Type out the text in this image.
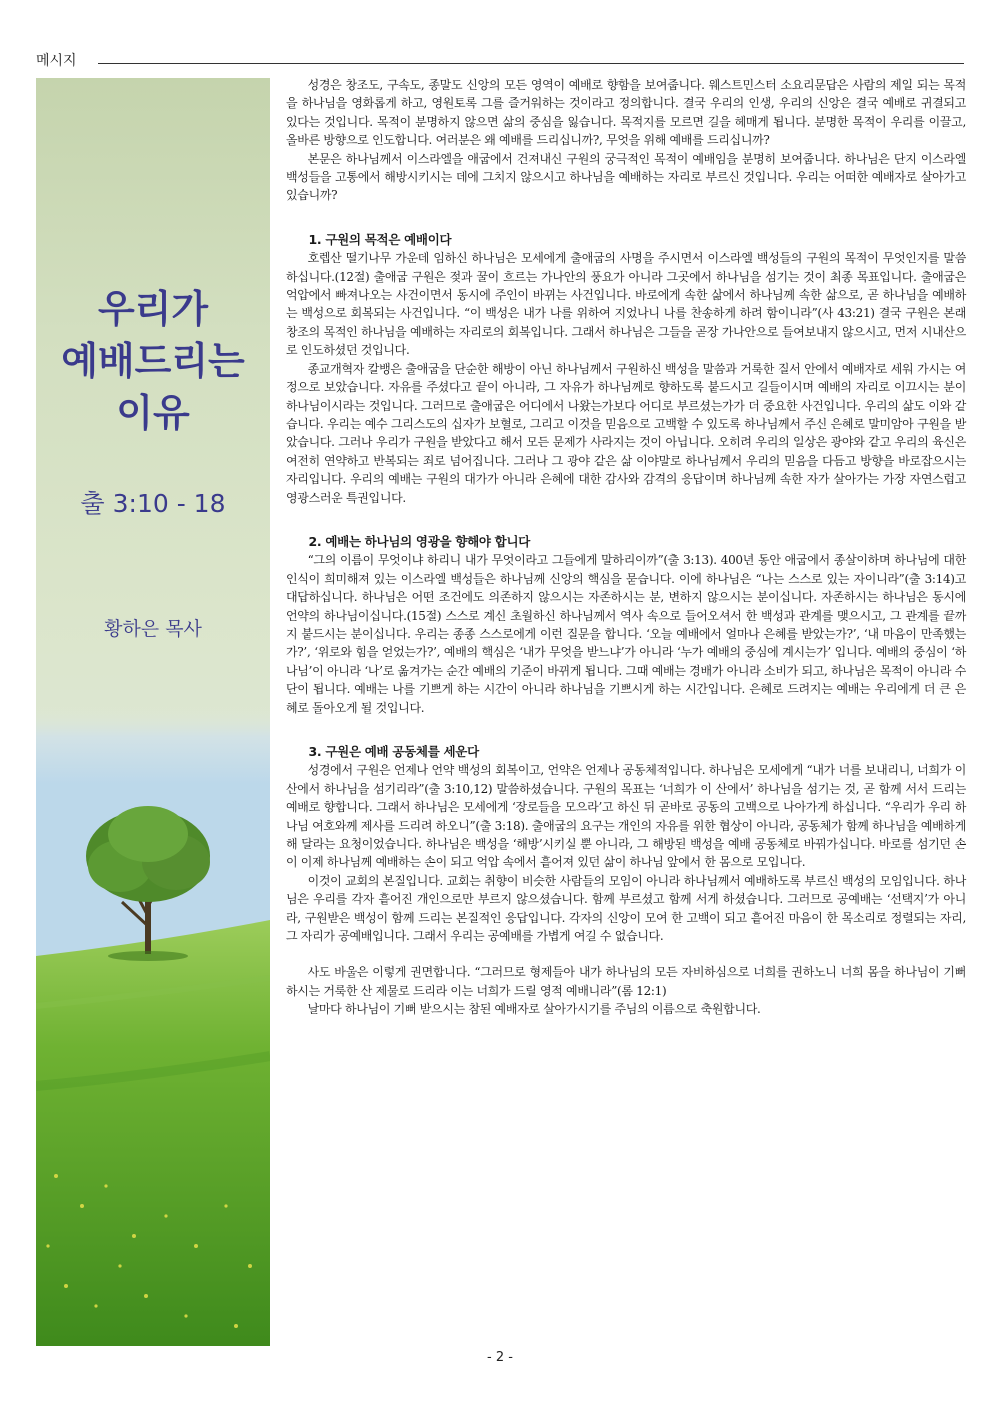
메시지
우리가
예배드리는
이유
출 3:10 - 18
황하은 목사

성경은 창조도, 구속도, 종말도 신앙의 모든 영역이 예배로 향함을 보여줍니다. 웨스트민스터 소요리문답은 사람의 제일 되는 목적을 하나님을 영화롭게 하고, 영원토록 그를 즐거워하는 것이라고 정의합니다. 결국 우리의 인생, 우리의 신앙은 결국 예배로 귀결되고 있다는 것입니다. 목적이 분명하지 않으면 삶의 중심을 잃습니다. 목적지를 모르면 길을 헤매게 됩니다. 분명한 목적이 우리를 이끌고, 올바른 방향으로 인도합니다. 여러분은 왜 예배를 드리십니까?, 무엇을 위해 예배를 드리십니까?

본문은 하나님께서 이스라엘을 애굽에서 건져내신 구원의 궁극적인 목적이 예배임을 분명히 보여줍니다. 하나님은 단지 이스라엘 백성들을 고통에서 해방시키시는 데에 그치지 않으시고 하나님을 예배하는 자리로 부르신 것입니다. 우리는 어떠한 예배자로 살아가고 있습니까?

1. 구원의 목적은 예배이다

호렙산 떨기나무 가운데 임하신 하나님은 모세에게 출애굽의 사명을 주시면서 이스라엘 백성들의 구원의 목적이 무엇인지를 말씀하십니다.(12절) 출애굽 구원은 젖과 꿀이 흐르는 가나안의 풍요가 아니라 그곳에서 하나님을 섬기는 것이 최종 목표입니다. 출애굽은 억압에서 빠져나오는 사건이면서 동시에 주인이 바뀌는 사건입니다. 바로에게 속한 삶에서 하나님께 속한 삶으로, 곧 하나님을 예배하는 백성으로 회복되는 사건입니다. “이 백성은 내가 나를 위하여 지었나니 나를 찬송하게 하려 함이니라”(사 43:21) 결국 구원은 본래 창조의 목적인 하나님을 예배하는 자리로의 회복입니다. 그래서 하나님은 그들을 곧장 가나안으로 들여보내지 않으시고, 먼저 시내산으로 인도하셨던 것입니다.

종교개혁자 칼뱅은 출애굽을 단순한 해방이 아닌 하나님께서 구원하신 백성을 말씀과 거룩한 질서 안에서 예배자로 세워 가시는 여정으로 보았습니다. 자유를 주셨다고 끝이 아니라, 그 자유가 하나님께로 향하도록 붙드시고 길들이시며 예배의 자리로 이끄시는 분이 하나님이시라는 것입니다. 그러므로 출애굽은 어디에서 나왔는가보다 어디로 부르셨는가가 더 중요한 사건입니다. 우리의 삶도 이와 같습니다. 우리는 예수 그리스도의 십자가 보혈로, 그리고 이것을 믿음으로 고백할 수 있도록 하나님께서 주신 은혜로 말미암아 구원을 받았습니다. 그러나 우리가 구원을 받았다고 해서 모든 문제가 사라지는 것이 아닙니다. 오히려 우리의 일상은 광야와 같고 우리의 육신은 여전히 연약하고 반복되는 죄로 넘어집니다. 그러나 그 광야 같은 삶 이야말로 하나님께서 우리의 믿음을 다듬고 방향을 바로잡으시는 자리입니다. 우리의 예배는 구원의 대가가 아니라 은혜에 대한 감사와 감격의 응답이며 하나님께 속한 자가 살아가는 가장 자연스럽고 영광스러운 특권입니다.

2. 예배는 하나님의 영광을 향해야 합니다

“그의 이름이 무엇이냐 하리니 내가 무엇이라고 그들에게 말하리이까”(출 3:13). 400년 동안 애굽에서 종살이하며 하나님에 대한 인식이 희미해져 있는 이스라엘 백성들은 하나님께 신앙의 핵심을 묻습니다. 이에 하나님은 “나는 스스로 있는 자이니라”(출 3:14)고 대답하십니다. 하나님은 어떤 조건에도 의존하지 않으시는 자존하시는 분, 변하지 않으시는 분이십니다. 자존하시는 하나님은 동시에 언약의 하나님이십니다.(15절) 스스로 계신 초월하신 하나님께서 역사 속으로 들어오셔서 한 백성과 관계를 맺으시고, 그 관계를 끝까지 붙드시는 분이십니다. 우리는 종종 스스로에게 이런 질문을 합니다. ‘오늘 예배에서 얼마나 은혜를 받았는가?’, ‘내 마음이 만족했는가?’, ‘위로와 힘을 얻었는가?’, 예배의 핵심은 ‘내가 무엇을 받느냐’가 아니라 ‘누가 예배의 중심에 계시는가’ 입니다. 예배의 중심이 ‘하나님’이 아니라 ‘나’로 옮겨가는 순간 예배의 기준이 바뀌게 됩니다. 그때 예배는 경배가 아니라 소비가 되고, 하나님은 목적이 아니라 수단이 됩니다. 예배는 나를 기쁘게 하는 시간이 아니라 하나님을 기쁘시게 하는 시간입니다. 은혜로 드려지는 예배는 우리에게 더 큰 은혜로 돌아오게 될 것입니다.

3. 구원은 예배 공동체를 세운다

성경에서 구원은 언제나 언약 백성의 회복이고, 언약은 언제나 공동체적입니다. 하나님은 모세에게 “내가 너를 보내리니, 너희가 이 산에서 하나님을 섬기리라”(출 3:10,12) 말씀하셨습니다. 구원의 목표는 ‘너희가 이 산에서’ 하나님을 섬기는 것, 곧 함께 서서 드리는 예배로 향합니다. 그래서 하나님은 모세에게 ‘장로들을 모으라’고 하신 뒤 곧바로 공동의 고백으로 나아가게 하십니다. “우리가 우리 하나님 여호와께 제사를 드리려 하오니”(출 3:18). 출애굽의 요구는 개인의 자유를 위한 협상이 아니라, 공동체가 함께 하나님을 예배하게 해 달라는 요청이었습니다. 하나님은 백성을 ‘해방’시키실 뿐 아니라, 그 해방된 백성을 예배 공동체로 바꿔가십니다. 바로를 섬기던 손이 이제 하나님께 예배하는 손이 되고 억압 속에서 흩어져 있던 삶이 하나님 앞에서 한 몸으로 모입니다.

이것이 교회의 본질입니다. 교회는 취향이 비슷한 사람들의 모임이 아니라 하나님께서 예배하도록 부르신 백성의 모임입니다. 하나님은 우리를 각자 흩어진 개인으로만 부르지 않으셨습니다. 함께 부르셨고 함께 서게 하셨습니다. 그러므로 공예배는 ‘선택지’가 아니라, 구원받은 백성이 함께 드리는 본질적인 응답입니다. 각자의 신앙이 모여 한 고백이 되고 흩어진 마음이 한 목소리로 정렬되는 자리, 그 자리가 공예배입니다. 그래서 우리는 공예배를 가볍게 여길 수 없습니다.

사도 바울은 이렇게 권면합니다. “그러므로 형제들아 내가 하나님의 모든 자비하심으로 너희를 권하노니 너희 몸을 하나님이 기뻐하시는 거룩한 산 제물로 드리라 이는 너희가 드릴 영적 예배니라”(롬 12:1)

날마다 하나님이 기뻐 받으시는 참된 예배자로 살아가시기를 주님의 이름으로 축원합니다.

- 2 -
